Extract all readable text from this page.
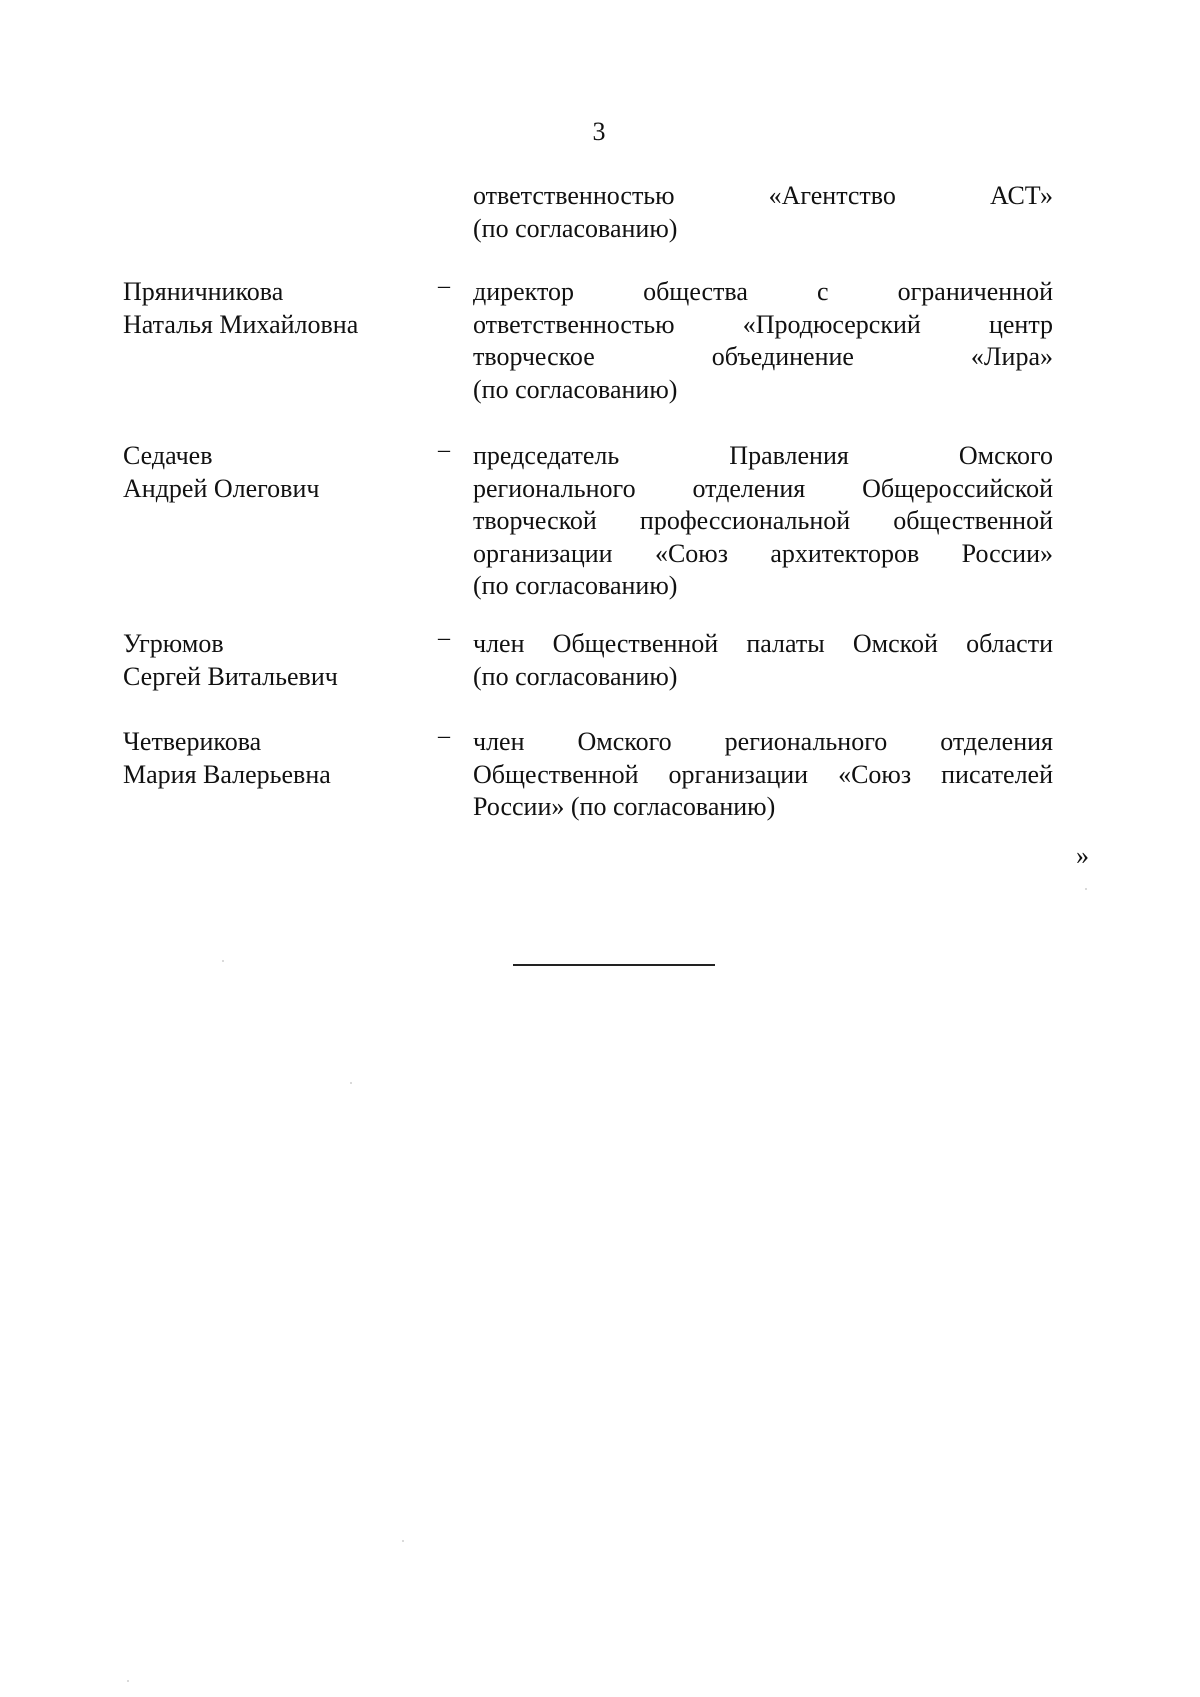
3
ответственностью «Агентство АСТ»
(по согласованию)
Пряничникова
Наталья Михайловна
– директор общества с ограниченной
ответственностью «Продюсерский центр
творческое объединение «Лира»
(по согласованию)
Седачев
Андрей Олегович
– председатель Правления Омского
регионального отделения Общероссийской
творческой профессиональной общественной
организации «Союз архитекторов России»
(по согласованию)
Угрюмов
Сергей Витальевич
– член Общественной палаты Омской области
(по согласованию)
Четверикова
Мария Валерьевна
– член Омского регионального отделения
Общественной организации «Союз писателей
России» (по согласованию)
»
